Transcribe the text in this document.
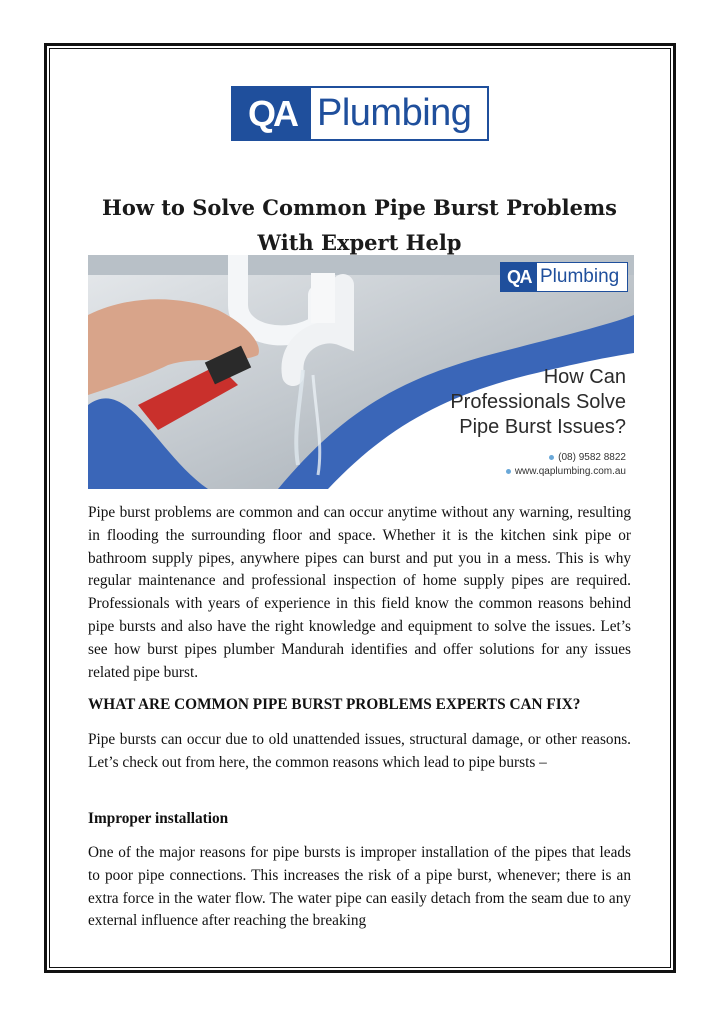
QA Plumbing
How to Solve Common Pipe Burst Problems With Expert Help
QA Plumbing
How Can
Professionals Solve
Pipe Burst Issues?
(08) 9582 8822
www.qaplumbing.com.au

Pipe burst problems are common and can occur anytime without any warning, resulting in flooding the surrounding floor and space. Whether it is the kitchen sink pipe or bathroom supply pipes, anywhere pipes can burst and put you in a mess. This is why regular maintenance and professional inspection of home supply pipes are required. Professionals with years of experience in this field know the common reasons behind pipe bursts and also have the right knowledge and equipment to solve the issues. Let’s see how burst pipes plumber Mandurah identifies and offer solutions for any issues related pipe burst.

WHAT ARE COMMON PIPE BURST PROBLEMS EXPERTS CAN FIX?

Pipe bursts can occur due to old unattended issues, structural damage, or other reasons. Let’s check out from here, the common reasons which lead to pipe bursts –

Improper installation

One of the major reasons for pipe bursts is improper installation of the pipes that leads to poor pipe connections. This increases the risk of a pipe burst, whenever; there is an extra force in the water flow. The water pipe can easily detach from the seam due to any external influence after reaching the breaking
